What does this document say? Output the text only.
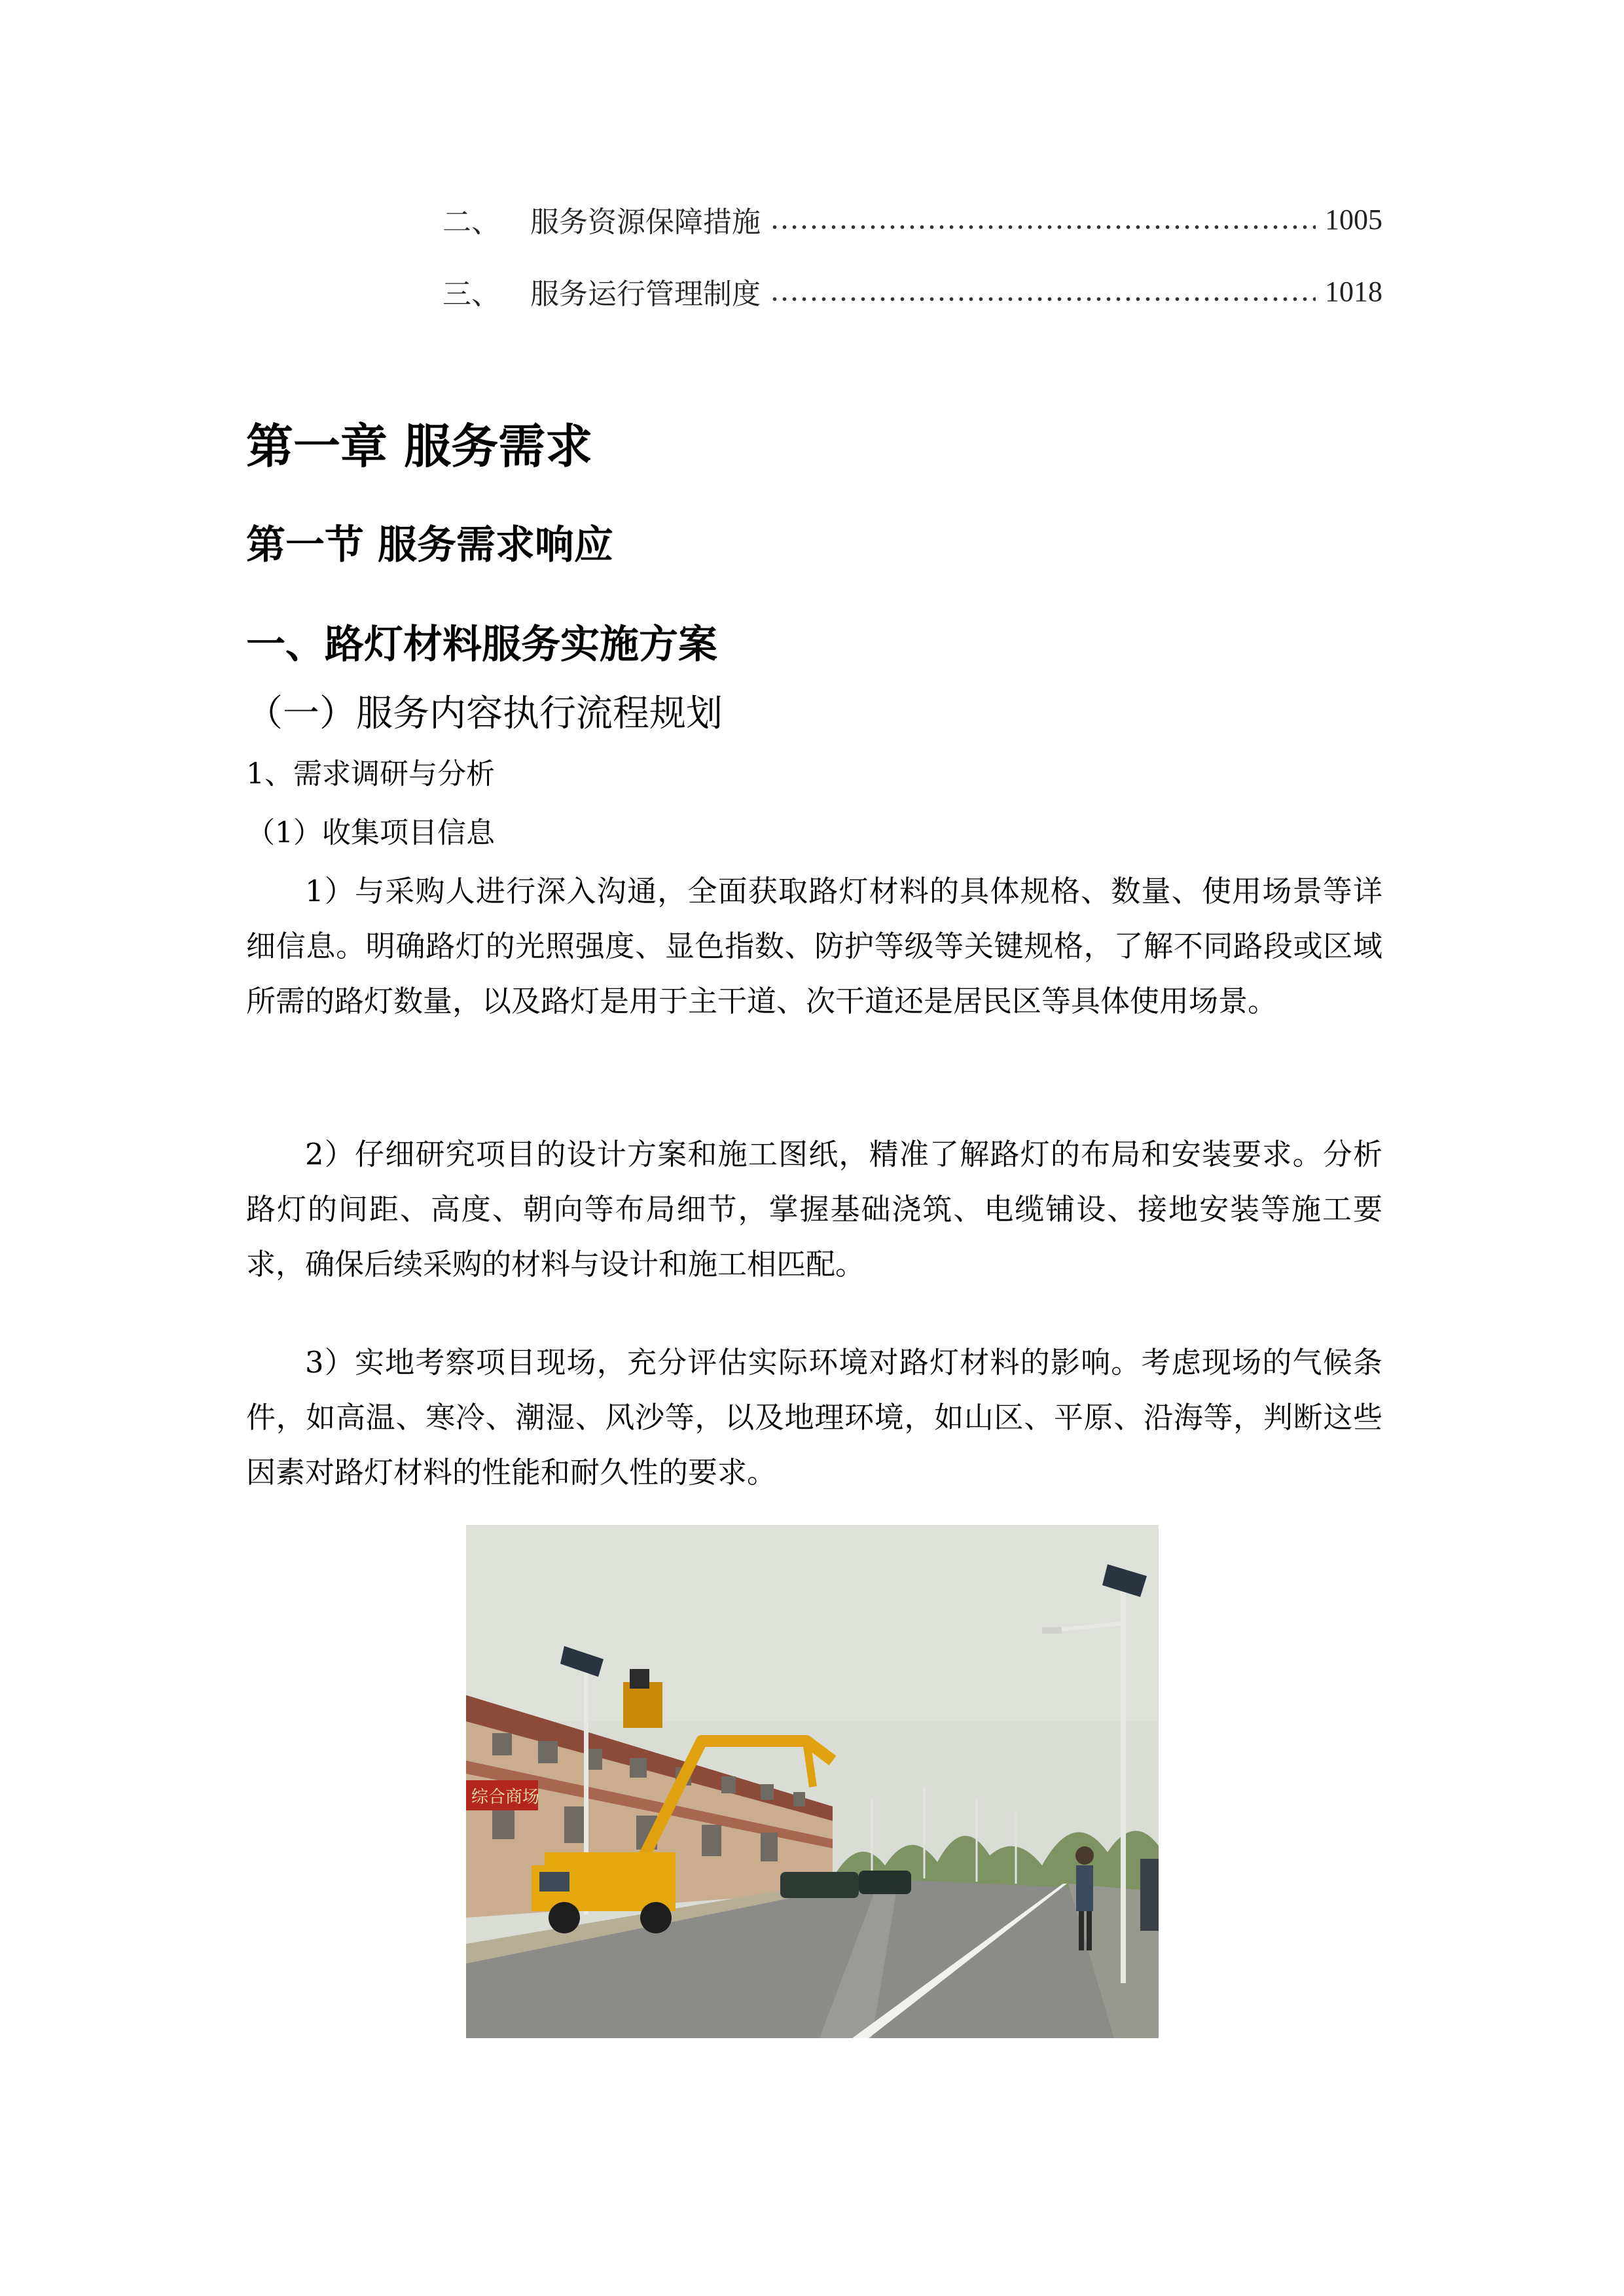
二、	服务资源保障措施	1005
三、	服务运行管理制度	1018
第一章 服务需求
第一节 服务需求响应
一、路灯材料服务实施方案
（一）服务内容执行流程规划

1、需求调研与分析

（1）收集项目信息

1）与采购人进行深入沟通，全面获取路灯材料的具体规格、数量、使用场景等详细信息。明确路灯的光照强度、显色指数、防护等级等关键规格，了解不同路段或区域所需的路灯数量，以及路灯是用于主干道、次干道还是居民区等具体使用场景。

2）仔细研究项目的设计方案和施工图纸，精准了解路灯的布局和安装要求。分析路灯的间距、高度、朝向等布局细节，掌握基础浇筑、电缆铺设、接地安装等施工要求，确保后续采购的材料与设计和施工相匹配。

3）实地考察项目现场，充分评估实际环境对路灯材料的影响。考虑现场的气候条件，如高温、寒冷、潮湿、风沙等，以及地理环境，如山区、平原、沿海等，判断这些因素对路灯材料的性能和耐久性的要求。

综合商场
